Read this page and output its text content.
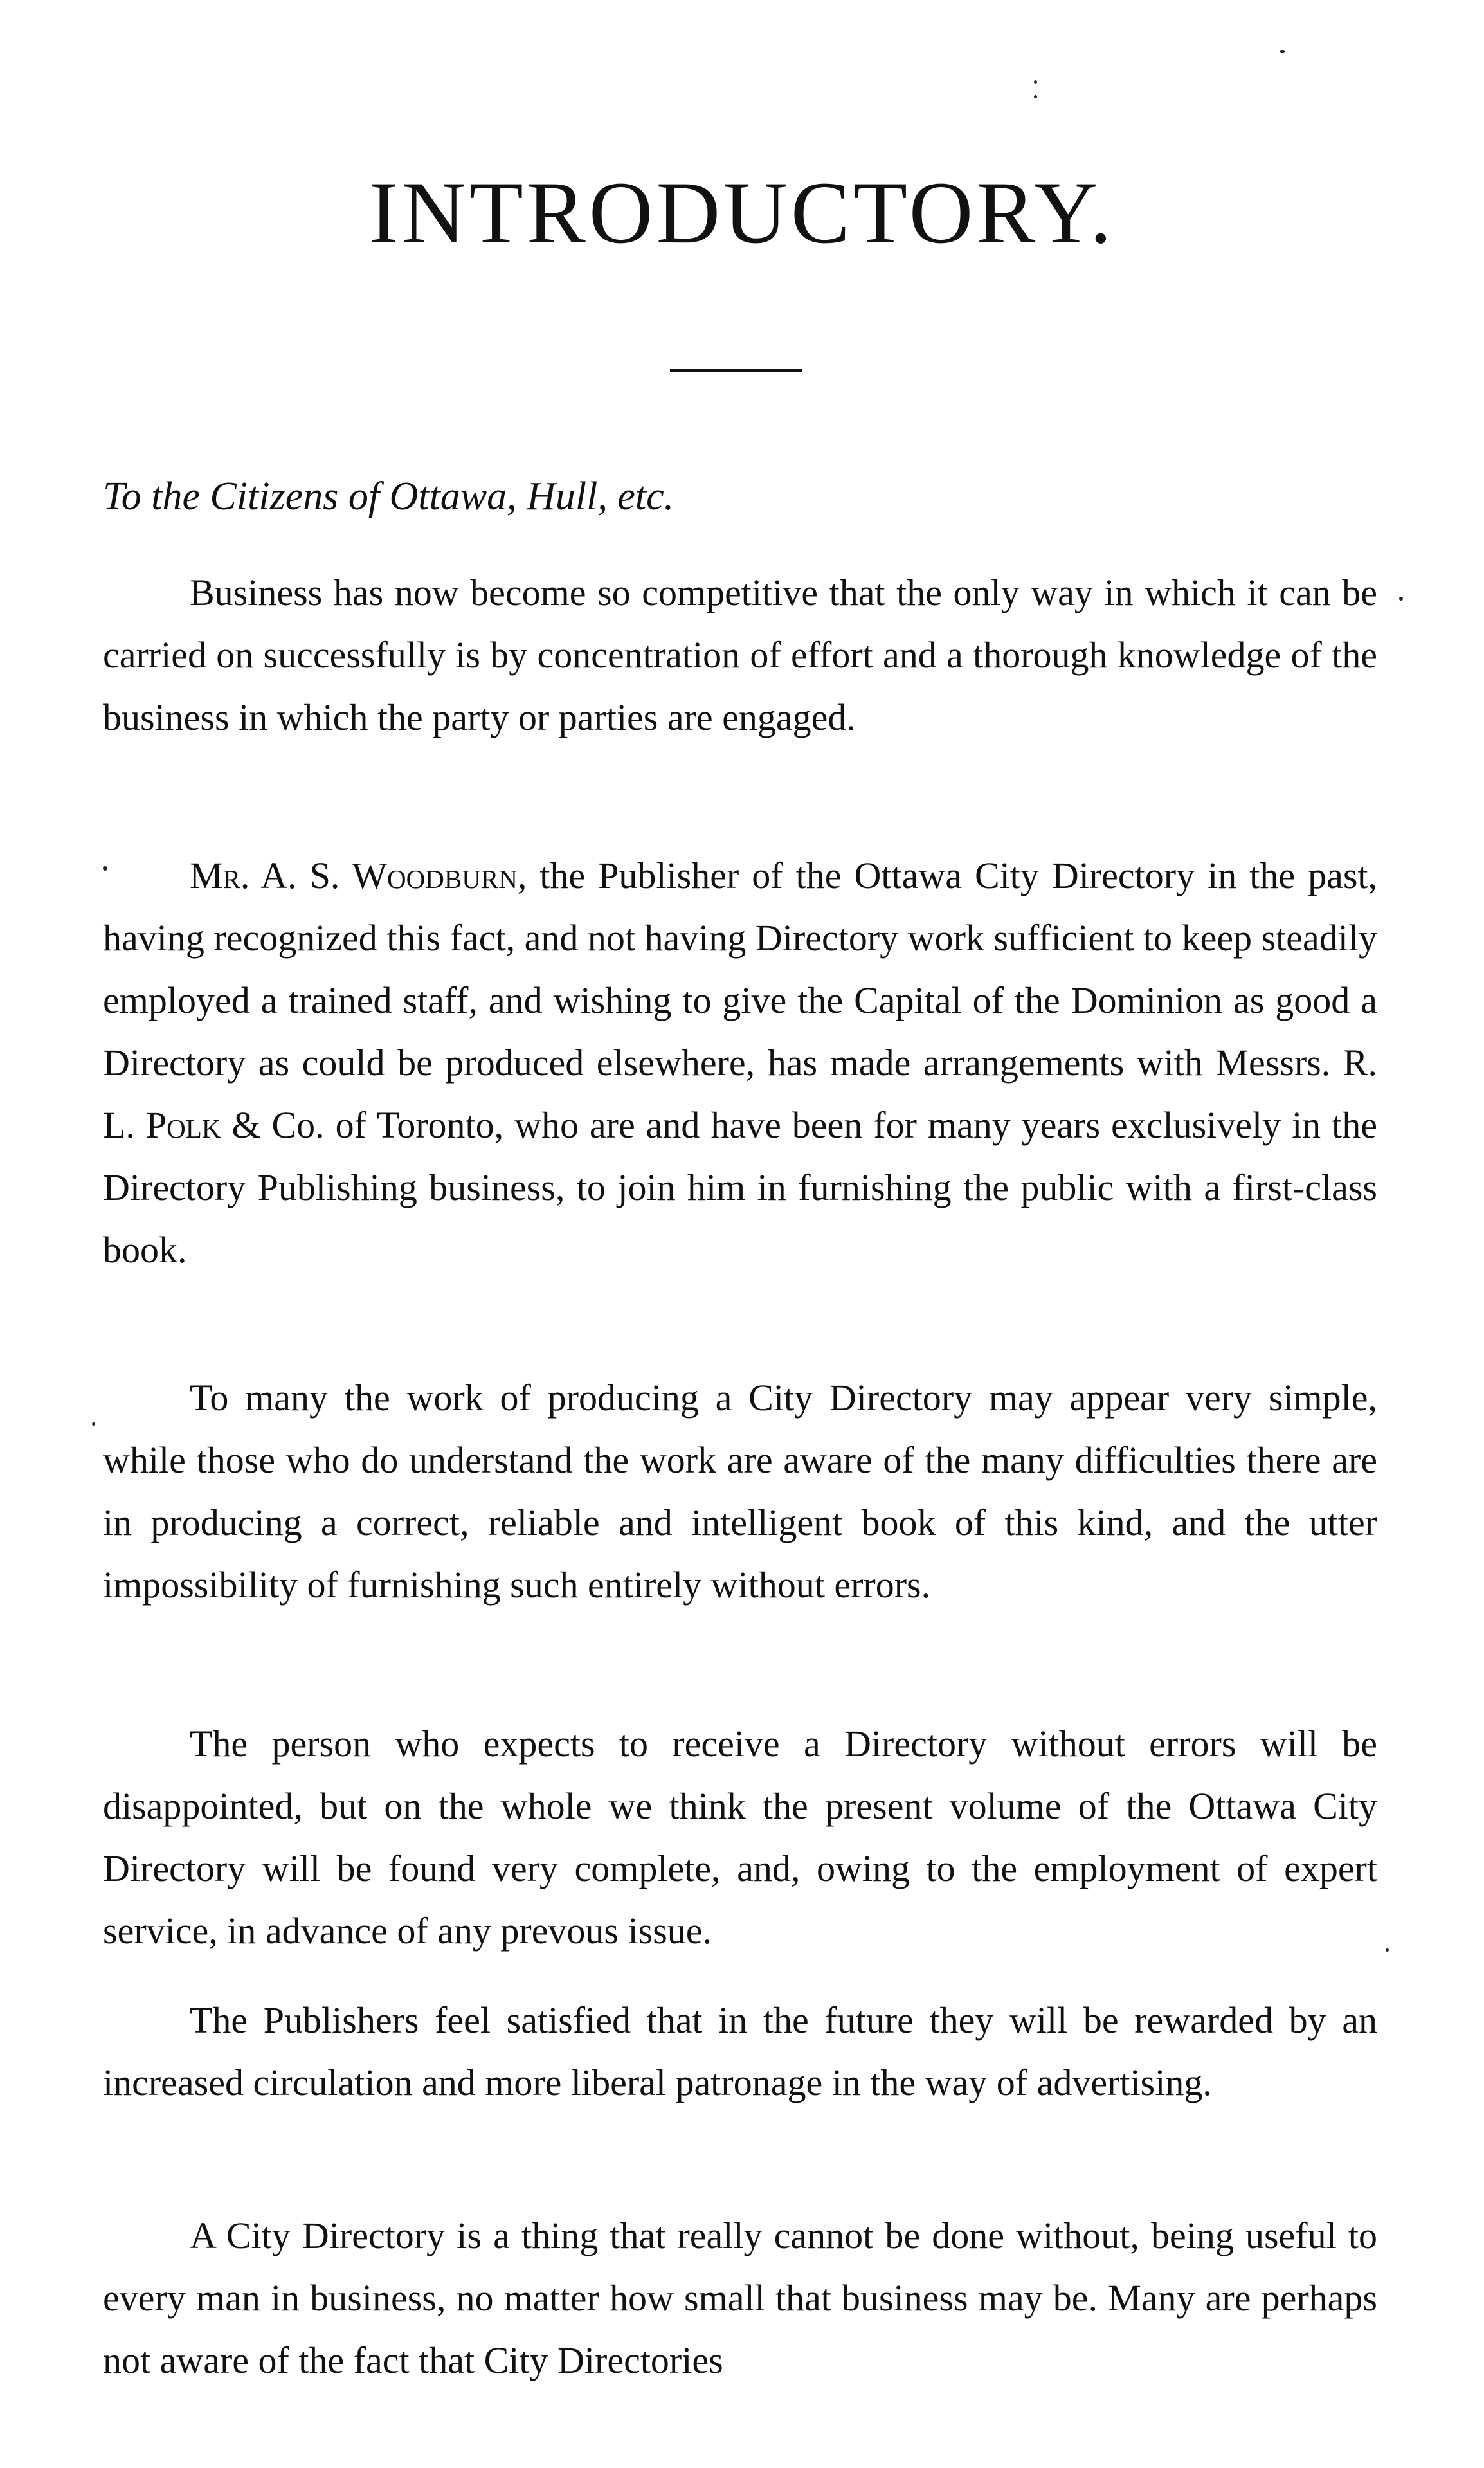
INTRODUCTORY.

To the Citizens of Ottawa, Hull, etc.

Business has now become so competitive that the only way in which it can be carried on successfully is by concentration of effort and a thorough knowledge of the business in which the party or parties are engaged.

Mr. A. S. Woodburn, the Publisher of the Ottawa City Directory in the past, having recognized this fact, and not having Directory work sufficient to keep steadily employed a trained staff, and wishing to give the Capital of the Dominion as good a Directory as could be produced elsewhere, has made arrangements with Messrs. R. L. Polk & Co. of Toronto, who are and have been for many years exclusively in the Directory Publishing business, to join him in furnishing the public with a first-class book.

To many the work of producing a City Directory may appear very simple, while those who do understand the work are aware of the many difficulties there are in producing a correct, reliable and intelligent book of this kind, and the utter impossibility of furnishing such entirely without errors.

The person who expects to receive a Directory without errors will be disappointed, but on the whole we think the present volume of the Ottawa City Directory will be found very complete, and, owing to the employment of expert service, in advance of any prevous issue.

The Publishers feel satisfied that in the future they will be rewarded by an increased circulation and more liberal patronage in the way of advertising.

A City Directory is a thing that really cannot be done without, being useful to every man in business, no matter how small that business may be. Many are perhaps not aware of the fact that City Directories
